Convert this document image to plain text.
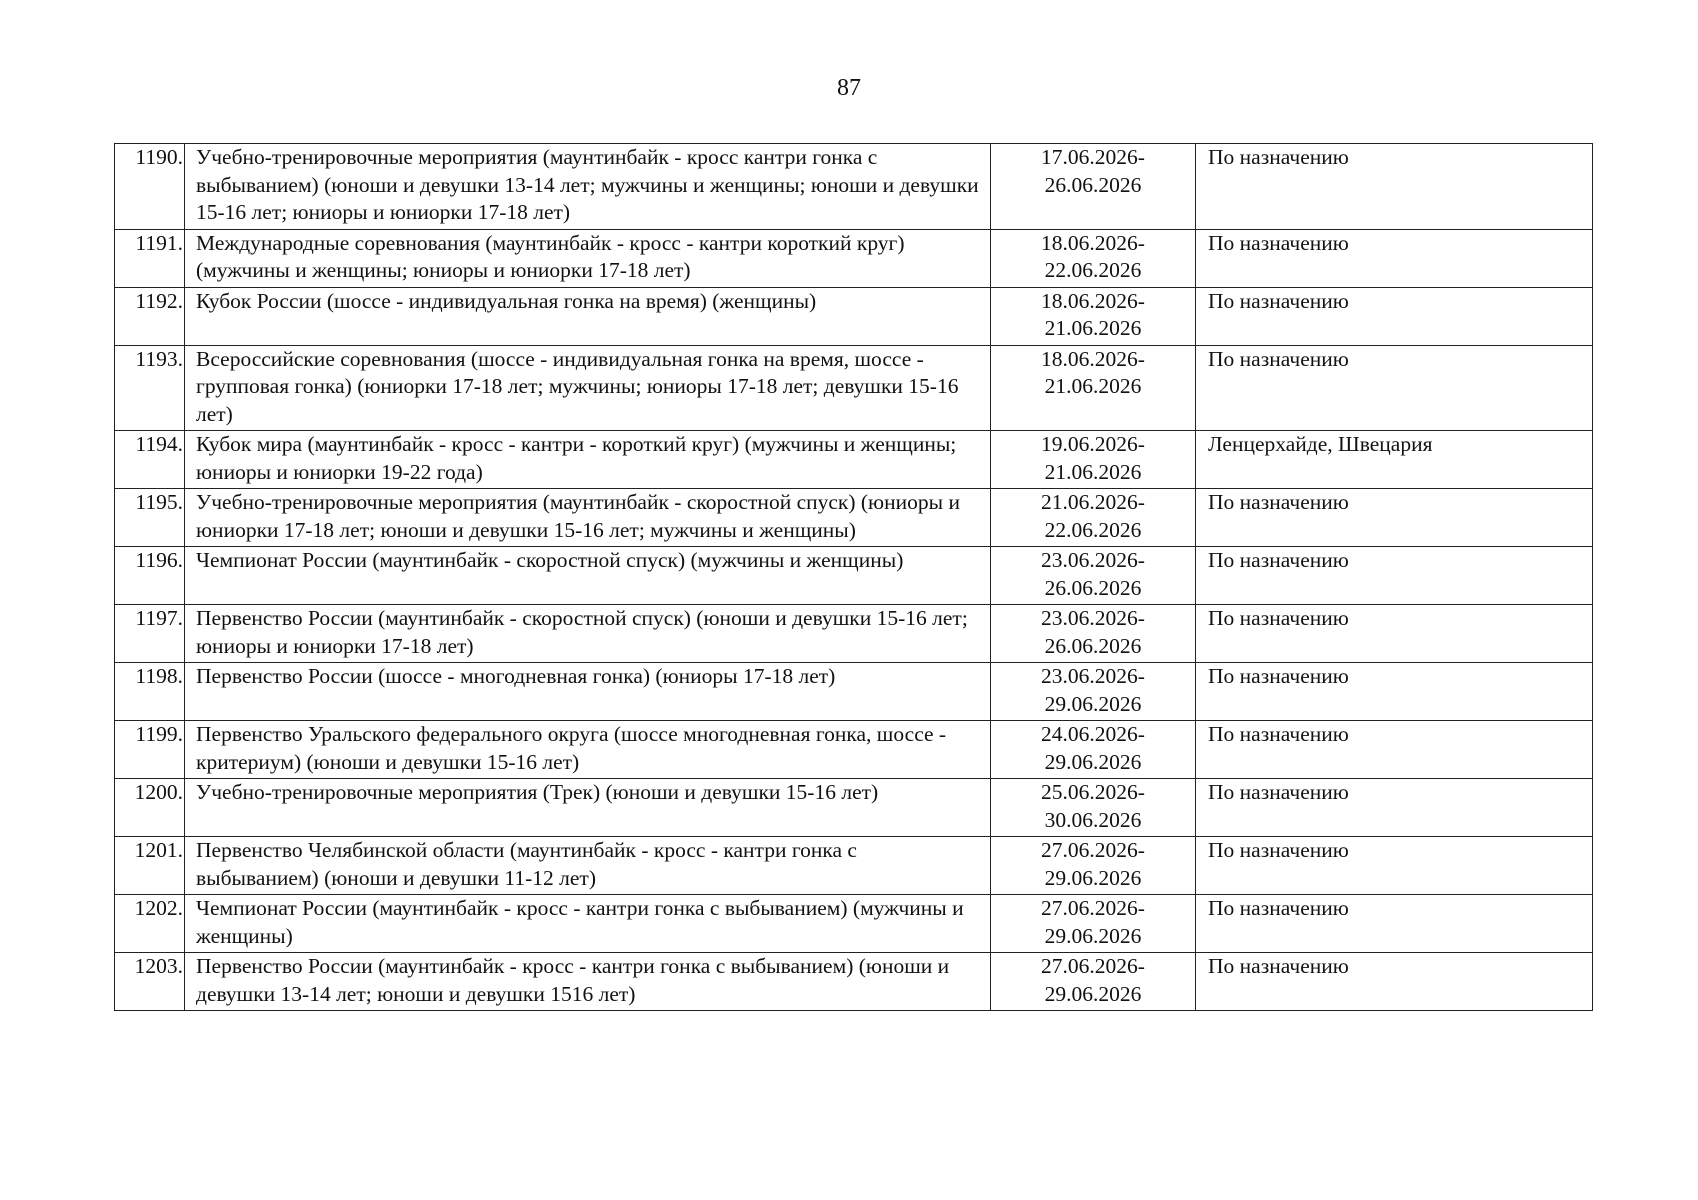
87
1190.	Учебно-тренировочные мероприятия (маунтинбайк - кросс кантри гонка с выбыванием) (юноши и девушки 13-14 лет; мужчины и женщины; юноши и девушки 15-16 лет; юниоры и юниорки 17-18 лет)	17.06.2026-
26.06.2026	По назначению
1191.	Международные соревнования (маунтинбайк - кросс - кантри короткий круг) (мужчины и женщины; юниоры и юниорки 17-18 лет)	18.06.2026-
22.06.2026	По назначению
1192.	Кубок России (шоссе - индивидуальная гонка на время) (женщины)	18.06.2026-
21.06.2026	По назначению
1193.	Всероссийские соревнования (шоссе - индивидуальная гонка на время, шоссе - групповая гонка) (юниорки 17-18 лет; мужчины; юниоры 17-18 лет; девушки 15-16 лет)	18.06.2026-
21.06.2026	По назначению
1194.	Кубок мира (маунтинбайк - кросс - кантри - короткий круг) (мужчины и женщины; юниоры и юниорки 19-22 года)	19.06.2026-
21.06.2026	Ленцерхайде, Швецария
1195.	Учебно-тренировочные мероприятия (маунтинбайк - скоростной спуск) (юниоры и юниорки 17-18 лет; юноши и девушки 15-16 лет; мужчины и женщины)	21.06.2026-
22.06.2026	По назначению
1196.	Чемпионат России (маунтинбайк - скоростной спуск) (мужчины и женщины)	23.06.2026-
26.06.2026	По назначению
1197.	Первенство России (маунтинбайк - скоростной спуск) (юноши и девушки 15-16 лет; юниоры и юниорки 17-18 лет)	23.06.2026-
26.06.2026	По назначению
1198.	Первенство России (шоссе - многодневная гонка) (юниоры 17-18 лет)	23.06.2026-
29.06.2026	По назначению
1199.	Первенство Уральского федерального округа (шоссе многодневная гонка, шоссе - критериум) (юноши и девушки 15-16 лет)	24.06.2026-
29.06.2026	По назначению
1200.	Учебно-тренировочные мероприятия (Трек) (юноши и девушки 15-16 лет)	25.06.2026-
30.06.2026	По назначению
1201.	Первенство Челябинской области (маунтинбайк - кросс - кантри гонка с выбыванием) (юноши и девушки 11-12 лет)	27.06.2026-
29.06.2026	По назначению
1202.	Чемпионат России (маунтинбайк - кросс - кантри гонка с выбыванием) (мужчины и женщины)	27.06.2026-
29.06.2026	По назначению
1203.	Первенство России (маунтинбайк - кросс - кантри гонка с выбыванием) (юноши и девушки 13-14 лет; юноши и девушки 1516 лет)	27.06.2026-
29.06.2026	По назначению
